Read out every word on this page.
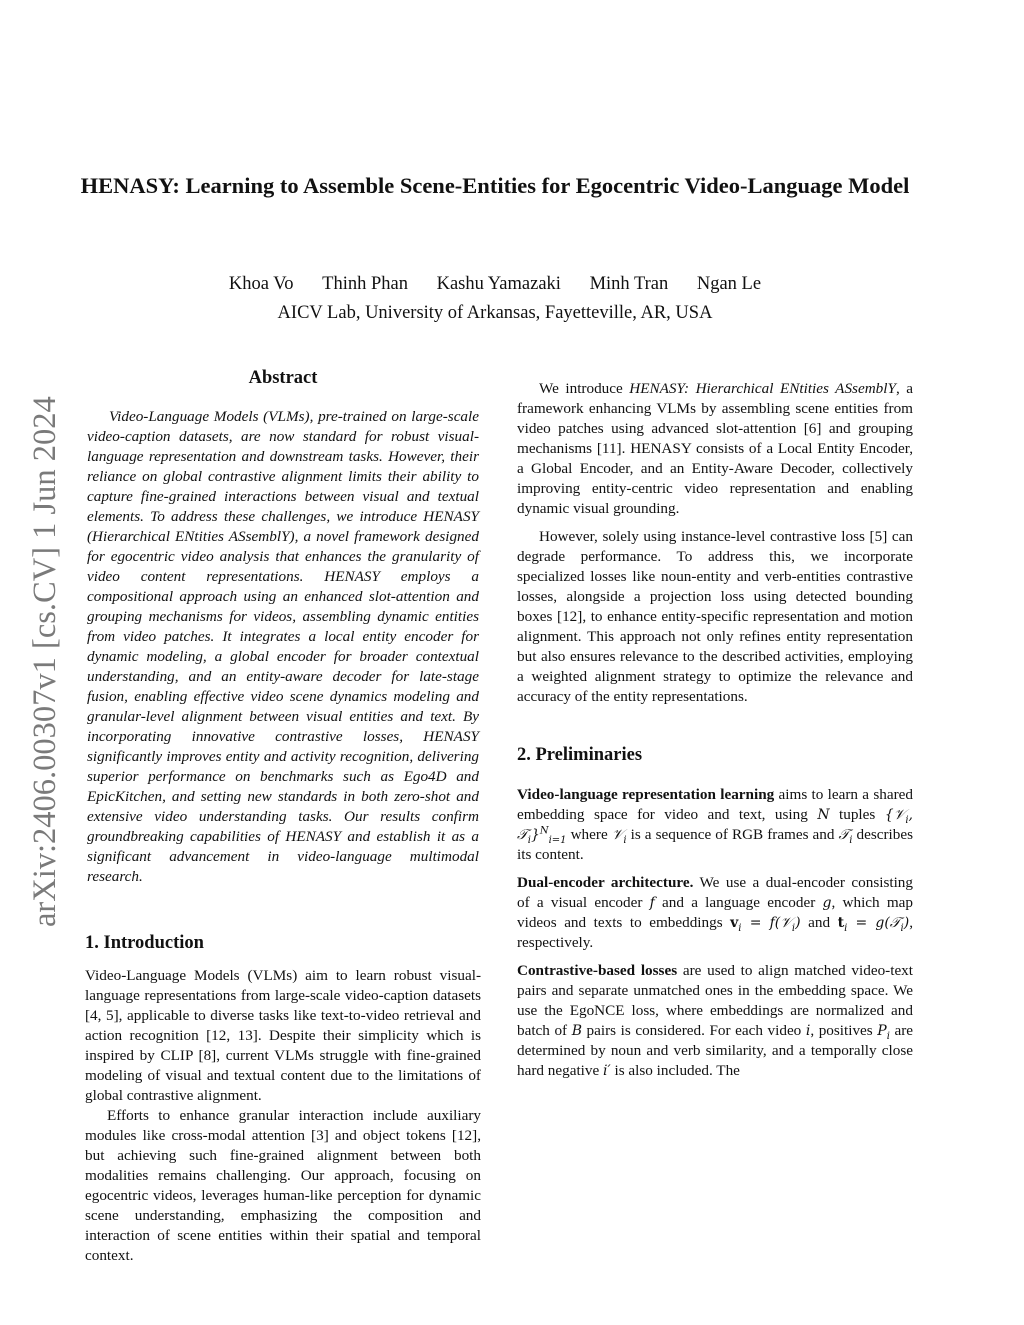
HENASY: Learning to Assemble Scene-Entities for Egocentric Video-Language Model
Khoa Vo Thinh Phan Kashu Yamazaki Minh Tran Ngan Le
AICV Lab, University of Arkansas, Fayetteville, AR, USA
arXiv:2406.00307v1 [cs.CV] 1 Jun 2024
Abstract

Video-Language Models (VLMs), pre-trained on large-scale video-caption datasets, are now standard for robust visual-language representation and downstream tasks. However, their reliance on global contrastive alignment limits their ability to capture fine-grained interactions between visual and textual elements. To address these challenges, we introduce HENASY (Hierarchical ENtities ASsemblY), a novel framework designed for egocentric video analysis that enhances the granularity of video content representations. HENASY employs a compositional approach using an enhanced slot-attention and grouping mechanisms for videos, assembling dynamic entities from video patches. It integrates a local entity encoder for dynamic modeling, a global encoder for broader contextual understanding, and an entity-aware decoder for late-stage fusion, enabling effective video scene dynamics modeling and granular-level alignment between visual entities and text. By incorporating innovative contrastive losses, HENASY significantly improves entity and activity recognition, delivering superior performance on benchmarks such as Ego4D and EpicKitchen, and setting new standards in both zero-shot and extensive video understanding tasks. Our results confirm groundbreaking capabilities of HENASY and establish it as a significant advancement in video-language multimodal research.

1. Introduction

Video-Language Models (VLMs) aim to learn robust visual-language representations from large-scale video-caption datasets [4, 5], applicable to diverse tasks like text-to-video retrieval and action recognition [12, 13]. Despite their simplicity which is inspired by CLIP [8], current VLMs struggle with fine-grained modeling of visual and textual content due to the limitations of global contrastive alignment.

Efforts to enhance granular interaction include auxiliary modules like cross-modal attention [3] and object tokens [12], but achieving such fine-grained alignment between both modalities remains challenging. Our approach, focusing on egocentric videos, leverages human-like perception for dynamic scene understanding, emphasizing the composition and interaction of scene entities within their spatial and temporal context.

We introduce HENASY: Hierarchical ENtities ASsemblY, a framework enhancing VLMs by assembling scene entities from video patches using advanced slot-attention [6] and grouping mechanisms [11]. HENASY consists of a Local Entity Encoder, a Global Encoder, and an Entity-Aware Decoder, collectively improving entity-centric video representation and enabling dynamic visual grounding.

However, solely using instance-level contrastive loss [5] can degrade performance. To address this, we incorporate specialized losses like noun-entity and verb-entities contrastive losses, alongside a projection loss using detected bounding boxes [12], to enhance entity-specific representation and motion alignment. This approach not only refines entity representation but also ensures relevance to the described activities, employing a weighted alignment strategy to optimize the relevance and accuracy of the entity representations.

2. Preliminaries

Video-language representation learning aims to learn a shared embedding space for video and text, using N tuples {𝒱$_i$, 𝒯$_i$}$^N_{i=1}$ where 𝒱$_i$ is a sequence of RGB frames and 𝒯$_i$ describes its content.

Dual-encoder architecture. We use a dual-encoder consisting of a visual encoder f and a language encoder g, which map videos and texts to embeddings $v_i$ = f(𝒱$_i$) and $t_i$ = g(𝒯$_i$), respectively.

Contrastive-based losses are used to align matched video-text pairs and separate unmatched ones in the embedding space. We use the EgoNCE loss, where embeddings are normalized and batch of B pairs is considered. For each video i, positives $P_i$ are determined by noun and verb similarity, and a temporally close hard negative i′ is also included. The
